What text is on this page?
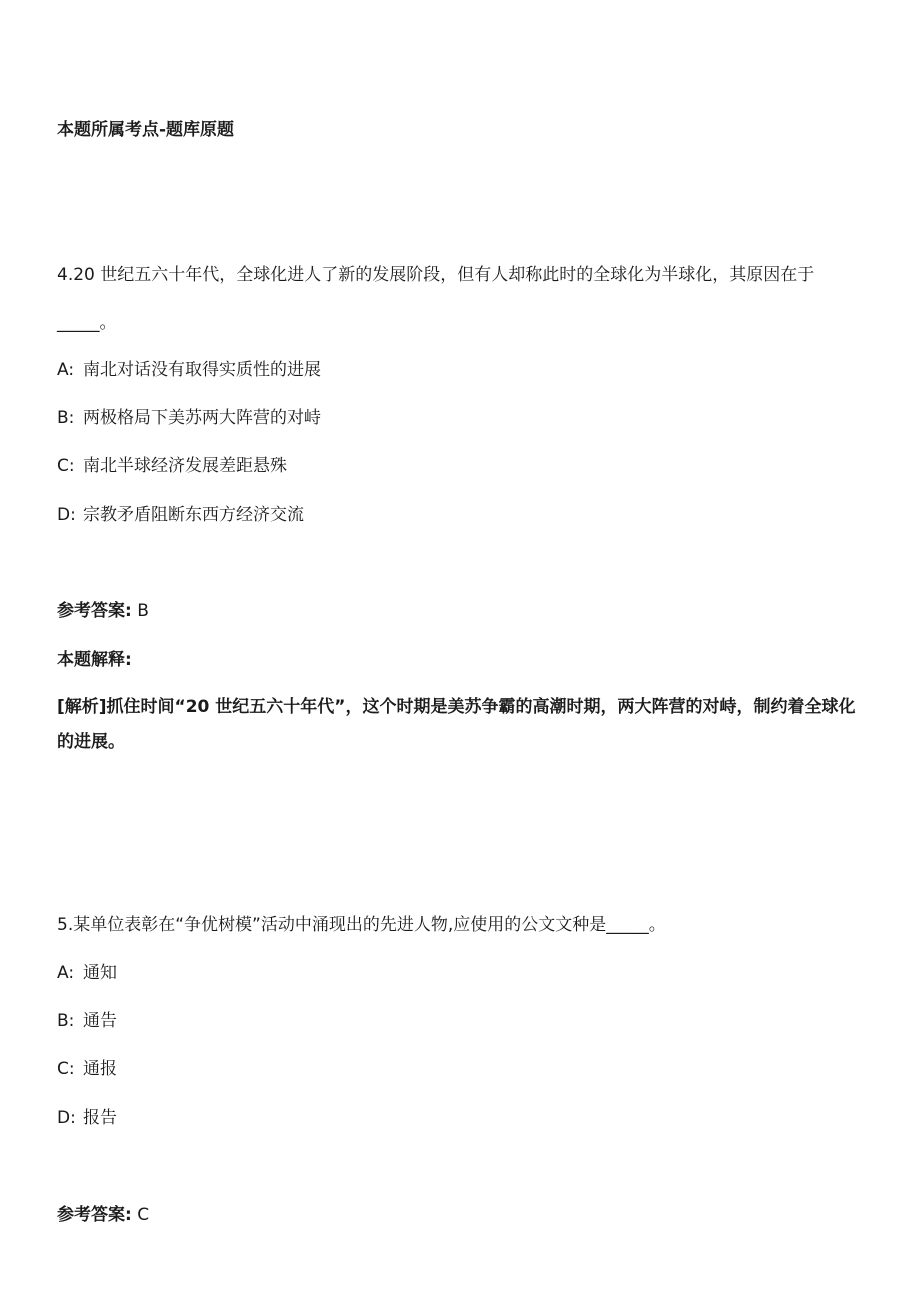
本题所属考点-题库原题

4.20 世纪五六十年代，全球化进人了新的发展阶段，但有人却称此时的全球化为半球化，其原因在于_____。

A: 南北对话没有取得实质性的进展

B: 两极格局下美苏两大阵营的对峙

C: 南北半球经济发展差距悬殊

D: 宗教矛盾阻断东西方经济交流

参考答案: B

本题解释:

[解析]抓住时间“20 世纪五六十年代”，这个时期是美苏争霸的高潮时期，两大阵营的对峙，制约着全球化的进展。

5.某单位表彰在“争优树模”活动中涌现出的先进人物,应使用的公文文种是_____。

A: 通知

B: 通告

C: 通报

D: 报告

参考答案: C
